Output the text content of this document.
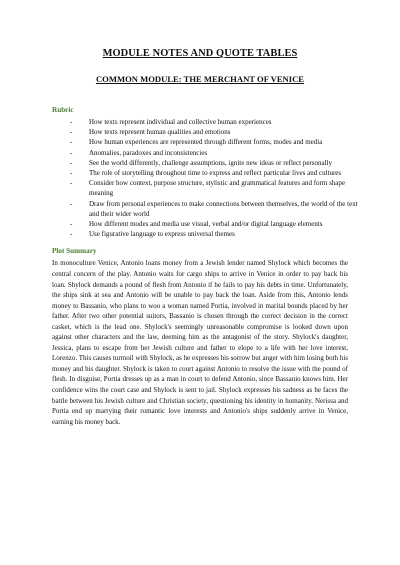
MODULE NOTES AND QUOTE TABLES
COMMON MODULE: THE MERCHANT OF VENICE
Rubric
- How texts represent individual and collective human experiences
- How texts represent human qualities and emotions
- How human experiences are represented through different forms, modes and media
- Anomalies, paradoxes and inconsistencies
- See the world differently, challenge assumptions, ignite new ideas or reflect personally
- The role of storytelling throughout time to express and reflect particular lives and cultures
- Consider how context, purpose structure, stylistic and grammatical features and form shape meaning
- Draw from personal experiences to make connections between themselves, the world of the text and their wider world
- How different modes and media use visual, verbal and/or digital language elements
- Use figurative language to express universal themes
Plot Summary

In monoculture Venice, Antonio loans money from a Jewish lender named Shylock which becomes the central concern of the play. Antonio waits for cargo ships to arrive in Venice in order to pay back his loan. Shylock demands a pound of flesh from Antonio if he fails to pay his debts in time. Unfortunately, the ships sink at sea and Antonio will be unable to pay back the loan. Aside from this, Antonio lends money to Bassanio, who plans to woo a woman named Portia, involved in marital bounds placed by her father. After two other potential suitors, Bassanio is chosen through the correct decision in the correct casket, which is the lead one. Shylock's seemingly unreasonable compromise is looked down upon against other characters and the law, deeming him as the antagonist of the story. Shylock's daughter, Jessica, plans to escape from her Jewish culture and father to elope to a life with her love interest, Lorenzo. This causes turmoil with Shylock, as he expresses his sorrow but anger with him losing both his money and his daughter. Shylock is taken to court against Antonio to resolve the issue with the pound of flesh. In disguise, Portia dresses up as a man in court to defend Antonio, since Bassanio knows him. Her confidence wins the court case and Shylock is sent to jail. Shylock expresses his sadness as he faces the battle between his Jewish culture and Christian society, questioning his identity in humanity. Nerissa and Portia end up marrying their romantic love interests and Antonio's ships suddenly arrive in Venice, earning his money back.
